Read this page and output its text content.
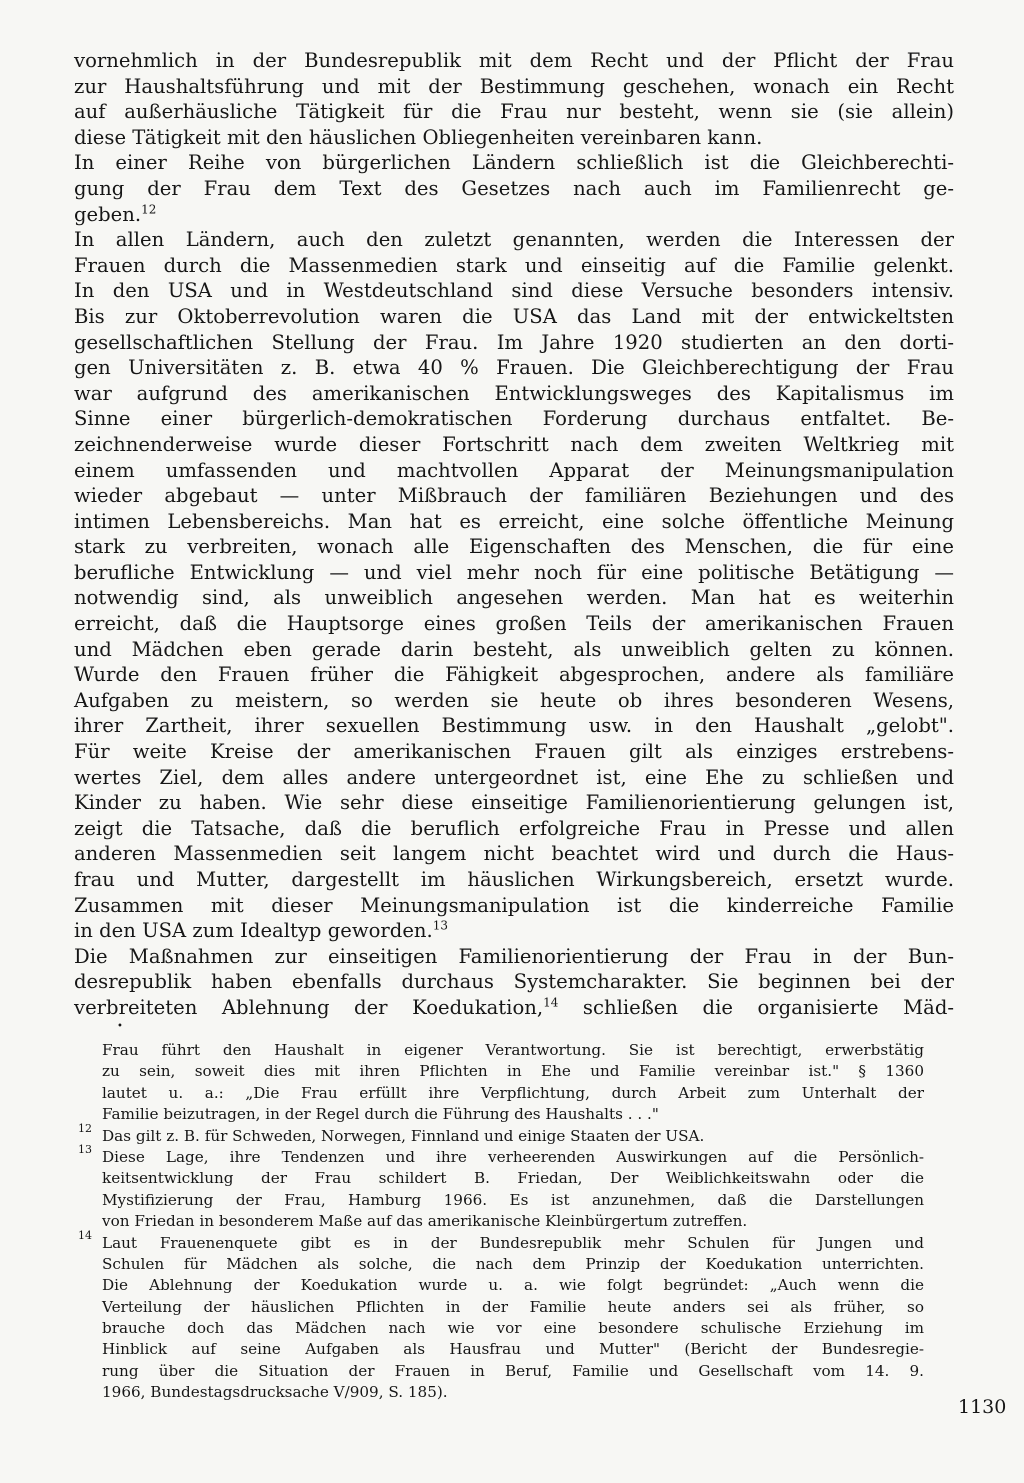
vornehmlich in der Bundesrepublik mit dem Recht und der Pflicht der Frau
zur Haushaltsführung und mit der Bestimmung geschehen, wonach ein Recht
auf außerhäusliche Tätigkeit für die Frau nur besteht, wenn sie (sie allein)
diese Tätigkeit mit den häuslichen Obliegenheiten vereinbaren kann.
In einer Reihe von bürgerlichen Ländern schließlich ist die Gleichberechti-
gung der Frau dem Text des Gesetzes nach auch im Familienrecht ge-
geben.$^{12}$
In allen Ländern, auch den zuletzt genannten, werden die Interessen der
Frauen durch die Massenmedien stark und einseitig auf die Familie gelenkt.
In den USA und in Westdeutschland sind diese Versuche besonders intensiv.
Bis zur Oktoberrevolution waren die USA das Land mit der entwickeltsten
gesellschaftlichen Stellung der Frau. Im Jahre 1920 studierten an den dorti-
gen Universitäten z. B. etwa 40 % Frauen. Die Gleichberechtigung der Frau
war aufgrund des amerikanischen Entwicklungsweges des Kapitalismus im
Sinne einer bürgerlich-demokratischen Forderung durchaus entfaltet. Be-
zeichnenderweise wurde dieser Fortschritt nach dem zweiten Weltkrieg mit
einem umfassenden und machtvollen Apparat der Meinungsmanipulation
wieder abgebaut — unter Mißbrauch der familiären Beziehungen und des
intimen Lebensbereichs. Man hat es erreicht, eine solche öffentliche Meinung
stark zu verbreiten, wonach alle Eigenschaften des Menschen, die für eine
berufliche Entwicklung — und viel mehr noch für eine politische Betätigung —
notwendig sind, als unweiblich angesehen werden. Man hat es weiterhin
erreicht, daß die Hauptsorge eines großen Teils der amerikanischen Frauen
und Mädchen eben gerade darin besteht, als unweiblich gelten zu können.
Wurde den Frauen früher die Fähigkeit abgesprochen, andere als familiäre
Aufgaben zu meistern, so werden sie heute ob ihres besonderen Wesens,
ihrer Zartheit, ihrer sexuellen Bestimmung usw. in den Haushalt „gelobt".
Für weite Kreise der amerikanischen Frauen gilt als einziges erstrebens-
wertes Ziel, dem alles andere untergeordnet ist, eine Ehe zu schließen und
Kinder zu haben. Wie sehr diese einseitige Familienorientierung gelungen ist,
zeigt die Tatsache, daß die beruflich erfolgreiche Frau in Presse und allen
anderen Massenmedien seit langem nicht beachtet wird und durch die Haus-
frau und Mutter, dargestellt im häuslichen Wirkungsbereich, ersetzt wurde.
Zusammen mit dieser Meinungsmanipulation ist die kinderreiche Familie
in den USA zum Idealtyp geworden.$^{13}$
Die Maßnahmen zur einseitigen Familienorientierung der Frau in der Bun-
desrepublik haben ebenfalls durchaus Systemcharakter. Sie beginnen bei der
verbreiteten Ablehnung der Koedukation,$^{14}$ schließen die organisierte Mäd-
•
Frau führt den Haushalt in eigener Verantwortung. Sie ist berechtigt, erwerbstätig
zu sein, soweit dies mit ihren Pflichten in Ehe und Familie vereinbar ist." § 1360
lautet u. a.: „Die Frau erfüllt ihre Verpflichtung, durch Arbeit zum Unterhalt der
Familie beizutragen, in der Regel durch die Führung des Haushalts . . ."
12 Das gilt z. B. für Schweden, Norwegen, Finnland und einige Staaten der USA.
13 Diese Lage, ihre Tendenzen und ihre verheerenden Auswirkungen auf die Persönlich-
keitsentwicklung der Frau schildert B. Friedan, Der Weiblichkeitswahn oder die
Mystifizierung der Frau, Hamburg 1966. Es ist anzunehmen, daß die Darstellungen
von Friedan in besonderem Maße auf das amerikanische Kleinbürgertum zutreffen.
14 Laut Frauenenquete gibt es in der Bundesrepublik mehr Schulen für Jungen und
Schulen für Mädchen als solche, die nach dem Prinzip der Koedukation unterrichten.
Die Ablehnung der Koedukation wurde u. a. wie folgt begründet: „Auch wenn die
Verteilung der häuslichen Pflichten in der Familie heute anders sei als früher, so
brauche doch das Mädchen nach wie vor eine besondere schulische Erziehung im
Hinblick auf seine Aufgaben als Hausfrau und Mutter" (Bericht der Bundesregie-
rung über die Situation der Frauen in Beruf, Familie und Gesellschaft vom 14. 9.
1966, Bundestagsdrucksache V/909, S. 185).
1130
